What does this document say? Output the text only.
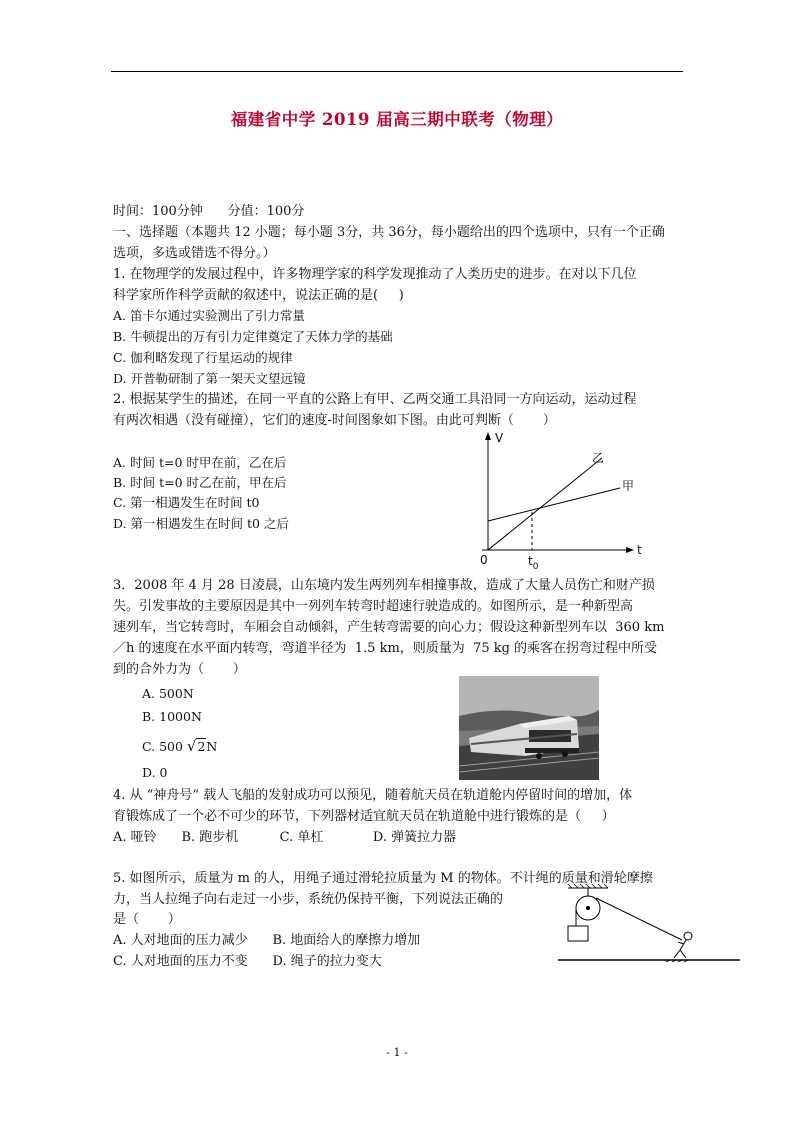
福建省中学 2019 届高三期中联考（物理）
时间：100分钟      分值：100分
一、选择题（本题共 12 小题；每小题 3分，共 36分，每小题给出的四个选项中，只有一个正确
选项，多选或错选不得分。）
1. 在物理学的发展过程中，许多物理学家的科学发现推动了人类历史的进步。在对以下几位
科学家所作科学贡献的叙述中，说法正确的是(     )
A. 笛卡尔通过实验测出了引力常量
B. 牛顿提出的万有引力定律奠定了天体力学的基础
C. 伽利略发现了行星运动的规律
D. 开普勒研制了第一架天文望远镜
2. 根据某学生的描述，在同一平直的公路上有甲、乙两交通工具沿同一方向运动，运动过程
有两次相遇（没有碰撞），它们的速度-时间图象如下图。由此可判断（       ）
A. 时间 t=0 时甲在前，乙在后
B. 时间 t=0 时乙在前，甲在后
C. 第一相遇发生在时间 t0
D. 第一相遇发生在时间 t0 之后
V
t
0	$t_0$
乙
甲
3．2008 年 4 月 28 日凌晨，山东境内发生两列列车相撞事故，造成了大量人员伤亡和财产损
失。引发事故的主要原因是其中一列列车转弯时超速行驶造成的。如图所示，是一种新型高
速列车，当它转弯时，车厢会自动倾斜，产生转弯需要的向心力；假设这种新型列车以  360 km
／h 的速度在水平面内转弯，弯道半径为  1.5 km，则质量为  75 kg 的乘客在拐弯过程中所受
到的合外力为（       ）
A. 500N
B. 1000N
C. 500 √2N
D. 0
4. 从 “神舟号” 载人飞船的发射成功可以预见，随着航天员在轨道舱内停留时间的增加，体
育锻炼成了一个必不可少的环节，下列器材适宜航天员在轨道舱中进行锻炼的是（     ）
A. 哑铃      B. 跑步机          C. 单杠            D. 弹簧拉力器
5. 如图所示，质量为 m 的人，用绳子通过滑轮拉质量为 M 的物体。不计绳的质量和滑轮摩擦
力，当人拉绳子向右走过一小步，系统仍保持平衡，下列说法正确的
是（       ）
A. 人对地面的压力减少      B. 地面给人的摩擦力增加
C. 人对地面的压力不变      D. 绳子的拉力变大
- 1 -
